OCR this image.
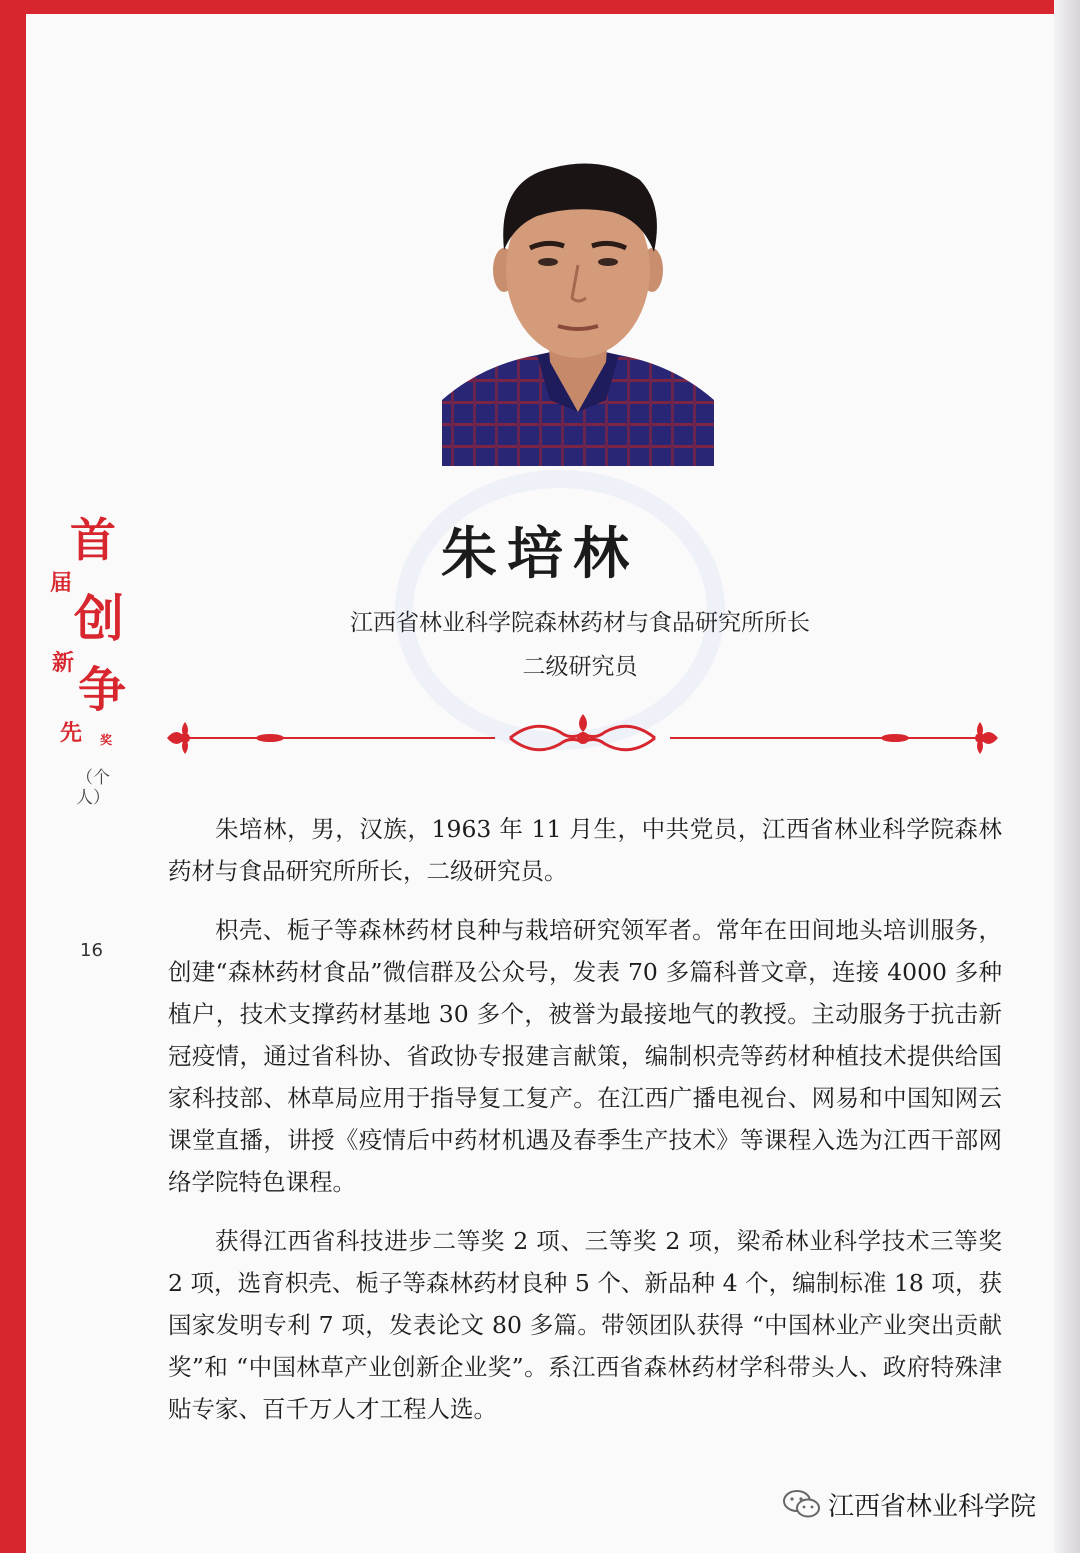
朱培林
江西省林业科学院森林药材与食品研究所所长
二级研究员
首
届
创
新 争
先 奖
（个人）
16

朱培林，男，汉族，1963 年 11 月生，中共党员，江西省林业科学院森林药材与食品研究所所长，二级研究员。

枳壳、栀子等森林药材良种与栽培研究领军者。常年在田间地头培训服务，创建“森林药材食品”微信群及公众号，发表 70 多篇科普文章，连接 4000 多种植户，技术支撑药材基地 30 多个，被誉为最接地气的教授。主动服务于抗击新冠疫情，通过省科协、省政协专报建言献策，编制枳壳等药材种植技术提供给国家科技部、林草局应用于指导复工复产。在江西广播电视台、网易和中国知网云课堂直播，讲授《疫情后中药材机遇及春季生产技术》等课程入选为江西干部网络学院特色课程。

获得江西省科技进步二等奖 2 项、三等奖 2 项，梁希林业科学技术三等奖 2 项，选育枳壳、栀子等森林药材良种 5 个、新品种 4 个，编制标准 18 项，获国家发明专利 7 项，发表论文 80 多篇。带领团队获得 “中国林业产业突出贡献奖”和 “中国林草产业创新企业奖”。系江西省森林药材学科带头人、政府特殊津贴专家、百千万人才工程人选。

江西省林业科学院
